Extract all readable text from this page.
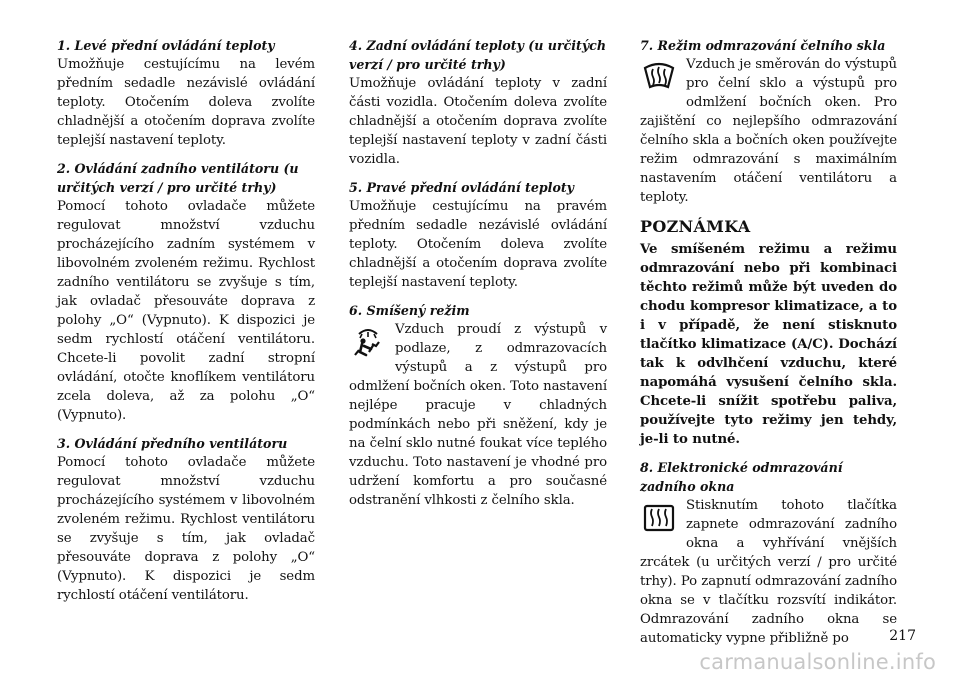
1. Levé přední ovládání teploty

Umožňuje cestujícímu na levém předním sedadle nezávislé ovládání teploty. Otočením doleva zvolíte chladnější a otočením doprava zvolíte teplejší nastavení teploty.

2. Ovládání zadního ventilátoru (u určitých verzí / pro určité trhy)

Pomocí tohoto ovladače můžete regulovat množství vzduchu procházejícího zadním systémem v libovolném zvoleném režimu. Rychlost zadního ventilátoru se zvyšuje s tím, jak ovladač přesouváte doprava z polohy „O“ (Vypnuto). K dispozici je sedm rychlostí otáčení ventilátoru. Chcete-li povolit zadní stropní ovládání, otočte knoflíkem ventilátoru zcela doleva, až za polohu „O“ (Vypnuto).

3. Ovládání předního ventilátoru

Pomocí tohoto ovladače můžete regulovat množství vzduchu procházejícího systémem v libovolném zvoleném režimu. Rychlost ventilátoru se zvyšuje s tím, jak ovladač přesouváte doprava z polohy „O“ (Vypnuto). K dispozici je sedm rychlostí otáčení ventilátoru.

4. Zadní ovládání teploty (u určitých verzí / pro určité trhy)

Umožňuje ovládání teploty v zadní části vozidla. Otočením doleva zvolíte chladnější a otočením doprava zvolíte teplejší nastavení teploty v zadní části vozidla.

5. Pravé přední ovládání teploty

Umožňuje cestujícímu na pravém předním sedadle nezávislé ovládání teploty. Otočením doleva zvolíte chladnější a otočením doprava zvolíte teplejší nastavení teploty.

6. Smíšený režim

Vzduch proudí z výstupů v podlaze, z odmrazovacích výstupů a z výstupů pro odmlžení bočních oken. Toto nastavení nejlépe pracuje v chladných podmínkách nebo při sněžení, kdy je na čelní sklo nutné foukat více teplého vzduchu. Toto nastavení je vhodné pro udržení komfortu a pro současné odstranění vlhkosti z čelního skla.

7. Režim odmrazování čelního skla

Vzduch je směrován do výstupů pro čelní sklo a výstupů pro odmlžení bočních oken. Pro zajištění co nejlepšího odmrazování čelního skla a bočních oken používejte režim odmrazování s maximálním nastavením otáčení ventilátoru a teploty.

POZNÁMKA

Ve smíšeném režimu a režimu odmrazování nebo při kombinaci těchto režimů může být uveden do chodu kompresor klimatizace, a to i v případě, že není stisknuto tlačítko klimatizace (A/C). Dochází tak k odvlhčení vzduchu, které napomáhá vysušení čelního skla. Chcete-li snížit spotřebu paliva, používejte tyto režimy jen tehdy, je-li to nutné.

8. Elektronické odmrazování zadního okna

Stisknutím tohoto tlačítka zapnete odmrazování zadního okna a vyhřívání vnějších zrcátek (u určitých verzí / pro určité trhy). Po zapnutí odmrazování zadního okna se v tlačítku rozsvítí indikátor. Odmrazování zadního okna se automaticky vypne přibližně po	217
carmanualsonline.info
